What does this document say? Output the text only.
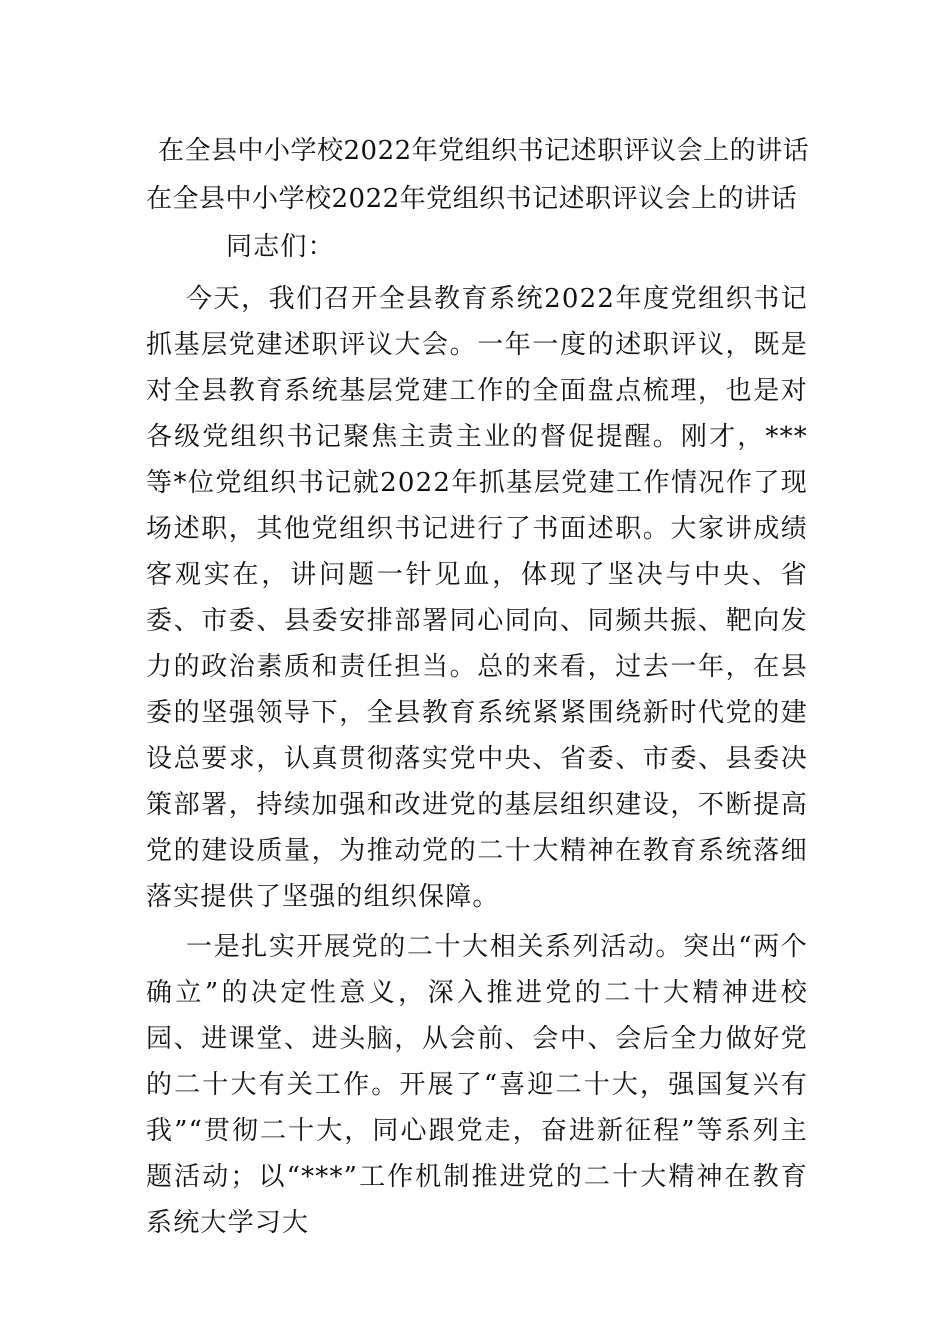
在全县中小学校2022年党组织书记述职评议会上的讲话
在全县中小学校2022年党组织书记述职评议会上的讲话
同志们：

今天，我们召开全县教育系统2022年度党组织书记抓基层党建述职评议大会。一年一度的述职评议，既是对全县教育系统基层党建工作的全面盘点梳理，也是对各级党组织书记聚焦主责主业的督促提醒。刚才，***等*位党组织书记就2022年抓基层党建工作情况作了现场述职，其他党组织书记进行了书面述职。大家讲成绩客观实在，讲问题一针见血，体现了坚决与中央、省委、市委、县委安排部署同心同向、同频共振、靶向发力的政治素质和责任担当。总的来看，过去一年，在县委的坚强领导下，全县教育系统紧紧围绕新时代党的建设总要求，认真贯彻落实党中央、省委、市委、县委决策部署，持续加强和改进党的基层组织建设，不断提高党的建设质量，为推动党的二十大精神在教育系统落细落实提供了坚强的组织保障。

一是扎实开展党的二十大相关系列活动。突出“两个确立”的决定性意义，深入推进党的二十大精神进校园、进课堂、进头脑，从会前、会中、会后全力做好党的二十大有关工作。开展了“喜迎二十大，强国复兴有我”“贯彻二十大，同心跟党走，奋进新征程”等系列主题活动；以“***”工作机制推进党的二十大精神在教育系统大学习大
